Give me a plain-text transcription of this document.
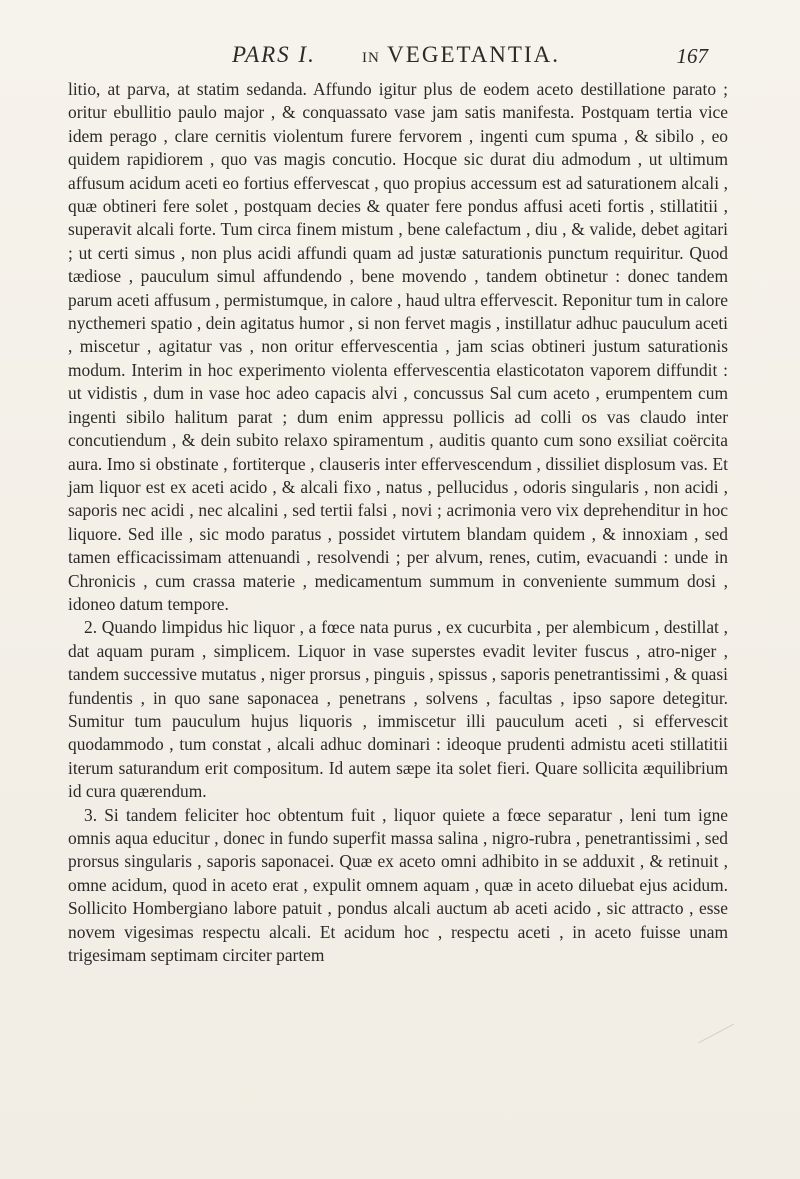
PARS I.	IN VEGETANTIA.	167

litio, at parva, at statim sedanda. Affundo igitur plus de eodem aceto destillatione parato ; oritur ebullitio paulo major , & conquassato vase jam satis manifesta. Postquam tertia vice idem perago , clare cernitis violentum furere fervorem , ingenti cum spuma , & sibilo , eo quidem rapidiorem , quo vas magis concutio. Hocque sic durat diu admodum , ut ultimum affusum acidum aceti eo fortius effervescat , quo propius accessum est ad saturationem alcali , quæ obtineri fere solet , postquam decies & quater fere pondus affusi aceti fortis , stillatitii , superavit alcali forte. Tum circa finem mistum , bene calefactum , diu , & valide, debet agitari ; ut certi simus , non plus acidi affundi quam ad justæ saturationis punctum requiritur. Quod tædiose , pauculum simul affundendo , bene movendo , tandem obtinetur : donec tandem parum aceti affusum , permistumque, in calore , haud ultra effervescit. Reponitur tum in calore nycthemeri spatio , dein agitatus humor , si non fervet magis , instillatur adhuc pauculum aceti , miscetur , agitatur vas , non oritur effervescentia , jam scias obtineri justum saturationis modum. Interim in hoc experimento violenta effervescentia elasticotaton vaporem diffundit : ut vidistis , dum in vase hoc adeo capacis alvi , concussus Sal cum aceto , erumpentem cum ingenti sibilo halitum parat ; dum enim appressu pollicis ad colli os vas claudo inter concutiendum , & dein subito relaxo spiramentum , auditis quanto cum sono exsiliat coërcita aura. Imo si obstinate , fortiterque , clauseris inter effervescendum , dissiliet displosum vas. Et jam liquor est ex aceti acido , & alcali fixo , natus , pellucidus , odoris singularis , non acidi , saporis nec acidi , nec alcalini , sed tertii falsi , novi ; acrimonia vero vix deprehenditur in hoc liquore. Sed ille , sic modo paratus , possidet virtutem blandam quidem , & innoxiam , sed tamen efficacissimam attenuandi , resolvendi ; per alvum, renes, cutim, evacuandi : unde in Chronicis , cum crassa materie , medicamentum summum in conveniente summum dosi , idoneo datum tempore.

2. Quando limpidus hic liquor , a fœce nata purus , ex cucurbita , per alembicum , destillat , dat aquam puram , simplicem. Liquor in vase superstes evadit leviter fuscus , atro-niger , tandem successive mutatus , niger prorsus , pinguis , spissus , saporis penetrantissimi , & quasi fundentis , in quo sane saponacea , penetrans , solvens , facultas , ipso sapore detegitur. Sumitur tum pauculum hujus liquoris , immiscetur illi pauculum aceti , si effervescit quodammodo , tum constat , alcali adhuc dominari : ideoque prudenti admistu aceti stillatitii iterum saturandum erit compositum. Id autem sæpe ita solet fieri. Quare sollicita æquilibrium id cura quærendum.

3. Si tandem feliciter hoc obtentum fuit , liquor quiete a fœce separatur , leni tum igne omnis aqua educitur , donec in fundo superfit massa salina , nigro-rubra , penetrantissimi , sed prorsus singularis , saporis saponacei. Quæ ex aceto omni adhibito in se adduxit , & retinuit , omne acidum, quod in aceto erat , expulit omnem aquam , quæ in aceto diluebat ejus acidum. Sollicito Hombergiano labore patuit , pondus alcali auctum ab aceti acido , sic attracto , esse novem vigesimas respectu alcali. Et acidum hoc , respectu aceti , in aceto fuisse unam trigesimam septimam circiter partem
